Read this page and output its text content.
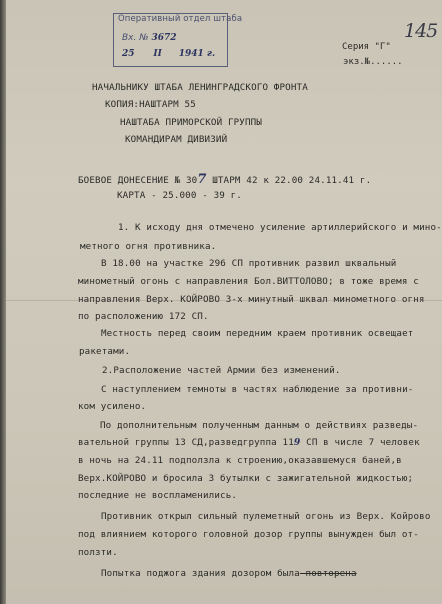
Оперативный отдел штаба
Вх. № 3672
25 II 1941 г.
Серия "Г"
экз.№......
145
НАЧАЛЬНИКУ ШТАБА ЛЕНИНГРАДСКОГО ФРОНТА
КОПИЯ:НАШТАРМ 55
НАШТАБА ПРИМОРСКОЙ ГРУППЫ
КОМАНДИРАМ ДИВИЗИЙ
БОЕВОЕ ДОНЕСЕНИЕ № 307 ШТАРМ 42 к 22.00 24.11.41 г.
КАРТА - 25.000 - 39 г.
1. К исходу дня отмечено усиление артиллерийского и мино-
метного огня противника.
В 18.00 на участке 296 СП противник развил шквальный
минометный огонь с направления Бол.ВИТТОЛОВО; в тоже время с
направления Верх. КОЙРОВО 3-х минутный шквал минометного огня
по расположению 172 СП.
Местность перед своим передним краем противник освещает
ракетами.
2.Расположение частей Армии без изменений.
С наступлением темноты в частях наблюдение за противни-
ком усилено.
По дополнительным полученным данным о действиях разведы-
вательной группы 13 СД,разведгруппа 119 СП в числе 7 человек
в ночь на 24.11 подползла к строению,оказавшемуся баней,в
Верх.КОЙРОВО и бросила 3 бутылки с зажигательной жидкостью;
последние не воспламенились.
Противник открыл сильный пулеметный огонь из Верх. Койрово
под влиянием которого головной дозор группы вынужден был от-
ползти.
Попытка поджога здания дозором была повторена
